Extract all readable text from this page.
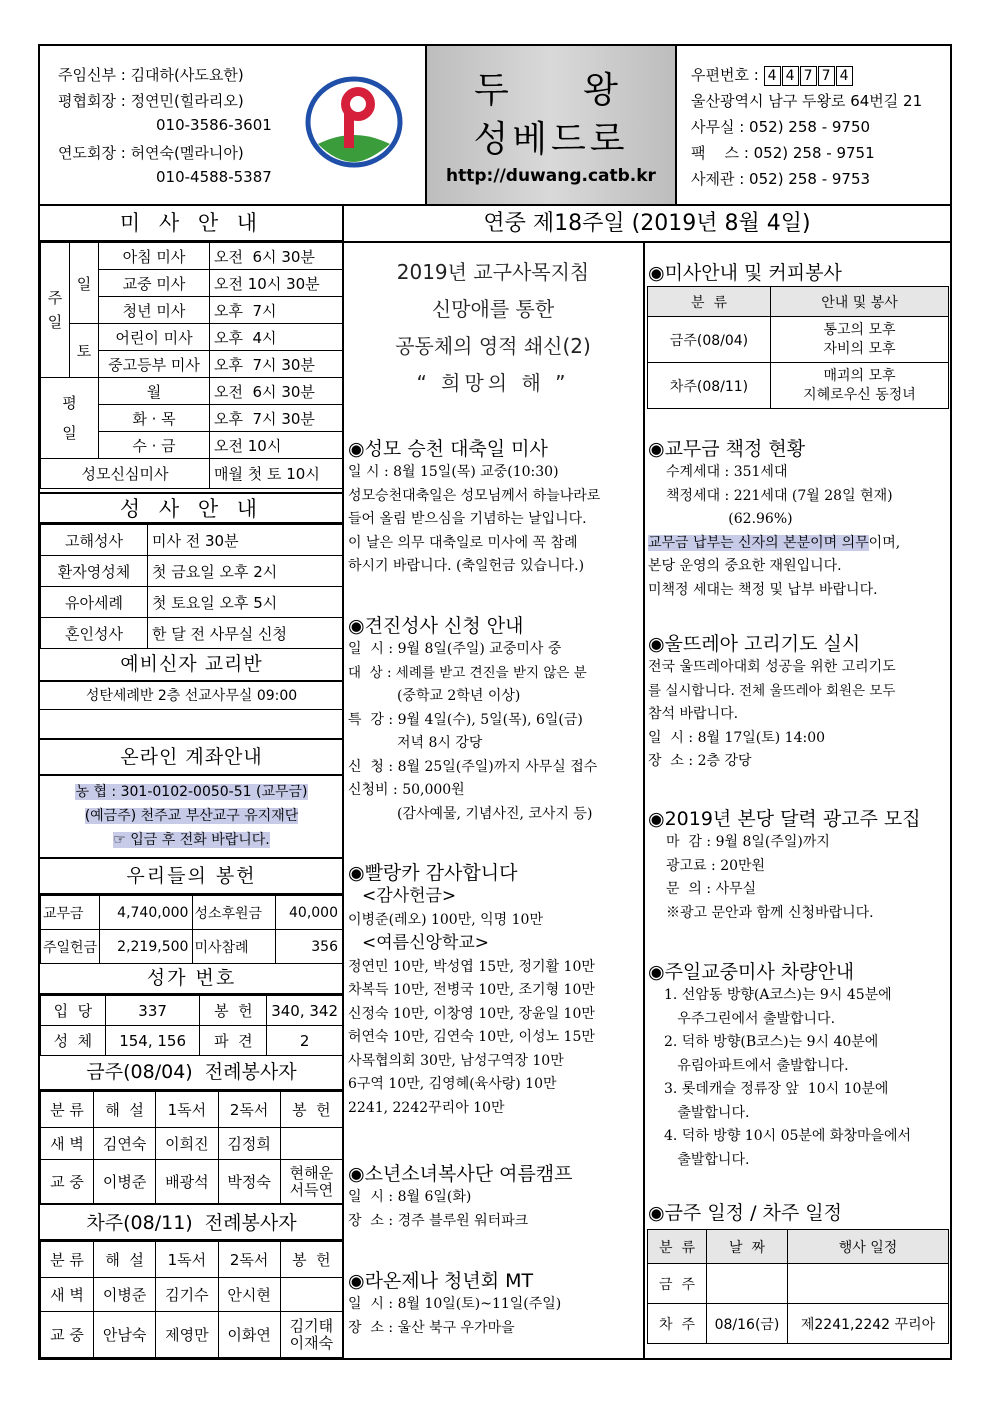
주임신부 : 김대하(사도요한)
평협회장 : 정연민(힐라리오)
010-3586-3601
연도회장 : 허연숙(멜라니아)
010-4588-5387
두   왕
성베드로
http://duwang.catb.kr
우편번호 : 4 4 7 7 4
울산광역시 남구 두왕로 64번길 21
사무실 : 052) 258 - 9750
팩    스 : 052) 258 - 9751
사제관 : 052) 258 - 9753
미 사 안 내
주
일	일	아침 미사	오전  6시 30분
		교중 미사	오전 10시 30분
		청년 미사	오후  7시
	토	어린이 미사	오후  4시
		중고등부 미사	오후  7시 30분
평
일		월	오전  6시 30분
		화 · 목	오후  7시 30분
		수 · 금	오전 10시
성모신심미사			매월 첫 토 10시
성 사 안 내
고해성사	미사 전 30분
환자영성체	첫 금요일 오후 2시
유아세례	첫 토요일 오후 5시
혼인성사	한 달 전 사무실 신청
예비신자 교리반
성탄세례반 2층 선교사무실 09:00
온라인 계좌안내
농 협 : 301-0102-0050-51 (교무금)
(예금주) 천주교 부산교구 유지재단
☞ 입금 후 전화 바랍니다.
우리들의 봉헌
교무금	4,740,000	성소후원금	40,000
주일헌금	2,219,500	미사참례	356
성가 번호
입  당	337	봉  헌	340, 342
성  체	154, 156	파  견	2
금주(08/04)  전례봉사자
분 류	해  설	1독서	2독서	봉  헌
새 벽	김연숙	이희진	김정희	
교 중	이병준	배광석	박정숙	현해운
서득연
차주(08/11)  전례봉사자
분 류	해  설	1독서	2독서	봉  헌
새 벽	이병준	김기수	안시현	
교 중	안남숙	제영만	이화연	김기태
이재숙
연중 제18주일 (2019년 8월 4일)
2019년 교구사목지침
신망애를 통한
공동체의 영적 쇄신(2)
“ 희망의 해 ”
◉성모 승천 대축일 미사

일 시 : 8월 15일(목) 교중(10:30)

성모승천대축일은 성모님께서 하늘나라로

들어 올림 받으심을 기념하는 날입니다.

이 날은 의무 대축일로 미사에 꼭 참례

하시기 바랍니다. (축일헌금 있습니다.)

◉견진성사 신청 안내

일  시 : 9월 8일(주일) 교중미사 중

대  상 : 세례를 받고 견진을 받지 않은 분

(중학교 2학년 이상)

특  강 : 9월 4일(수), 5일(목), 6일(금)

저녁 8시 강당

신  청 : 8월 25일(주일)까지 사무실 접수

신청비 : 50,000원

(감사예물, 기념사진, 코사지 등)

◉빨랑카 감사합니다

<감사헌금>

이병준(레오) 100만, 익명 10만

<여름신앙학교>

정연민 10만, 박성엽 15만, 정기활 10만

차복득 10만, 전병국 10만, 조기형 10만

신정숙 10만, 이창영 10만, 장윤일 10만

허연숙 10만, 김연숙 10만, 이성노 15만

사목협의회 30만, 남성구역장 10만

6구역 10만, 김영혜(육사랑) 10만

2241, 2242꾸리아 10만

◉소년소녀복사단 여름캠프

일  시 : 8월 6일(화)

장  소 : 경주 블루원 워터파크

◉라온제나 청년회 MT

일  시 : 8월 10일(토)~11일(주일)

장  소 : 울산 북구 우가마을

◉미사안내 및 커피봉사
분  류	안내 및 봉사
금주(08/04)	통고의 모후
자비의 모후
차주(08/11)	매괴의 모후
지혜로우신 동정녀
◉교무금 책정 현황

수계세대 : 351세대

책정세대 : 221세대 (7월 28일 현재)

(62.96%)

교무금 납부는 신자의 본분이며 의무이며,

본당 운영의 중요한 재원입니다.

미책정 세대는 책정 및 납부 바랍니다.

◉울뜨레아 고리기도 실시

전국 울뜨레아대회 성공을 위한 고리기도

를 실시합니다. 전체 울뜨레아 회원은 모두

참석 바랍니다.

일  시 : 8월 17일(토) 14:00

장  소 : 2층 강당

◉2019년 본당 달력 광고주 모집

마  감 : 9월 8일(주일)까지

광고료 : 20만원

문  의 : 사무실

※광고 문안과 함께 신청바랍니다.

◉주일교중미사 차량안내

1. 선암동 방향(A코스)는 9시 45분에

우주그린에서 출발합니다.

2. 덕하 방향(B코스)는 9시 40분에

유림아파트에서 출발합니다.

3. 롯데캐슬 정류장 앞  10시 10분에

출발합니다.

4. 덕하 방향 10시 05분에 화창마을에서

출발합니다.

◉금주 일정 / 차주 일정
분  류	날  짜	행사 일정
금  주		
차  주	08/16(금)	제2241,2242 꾸리아
